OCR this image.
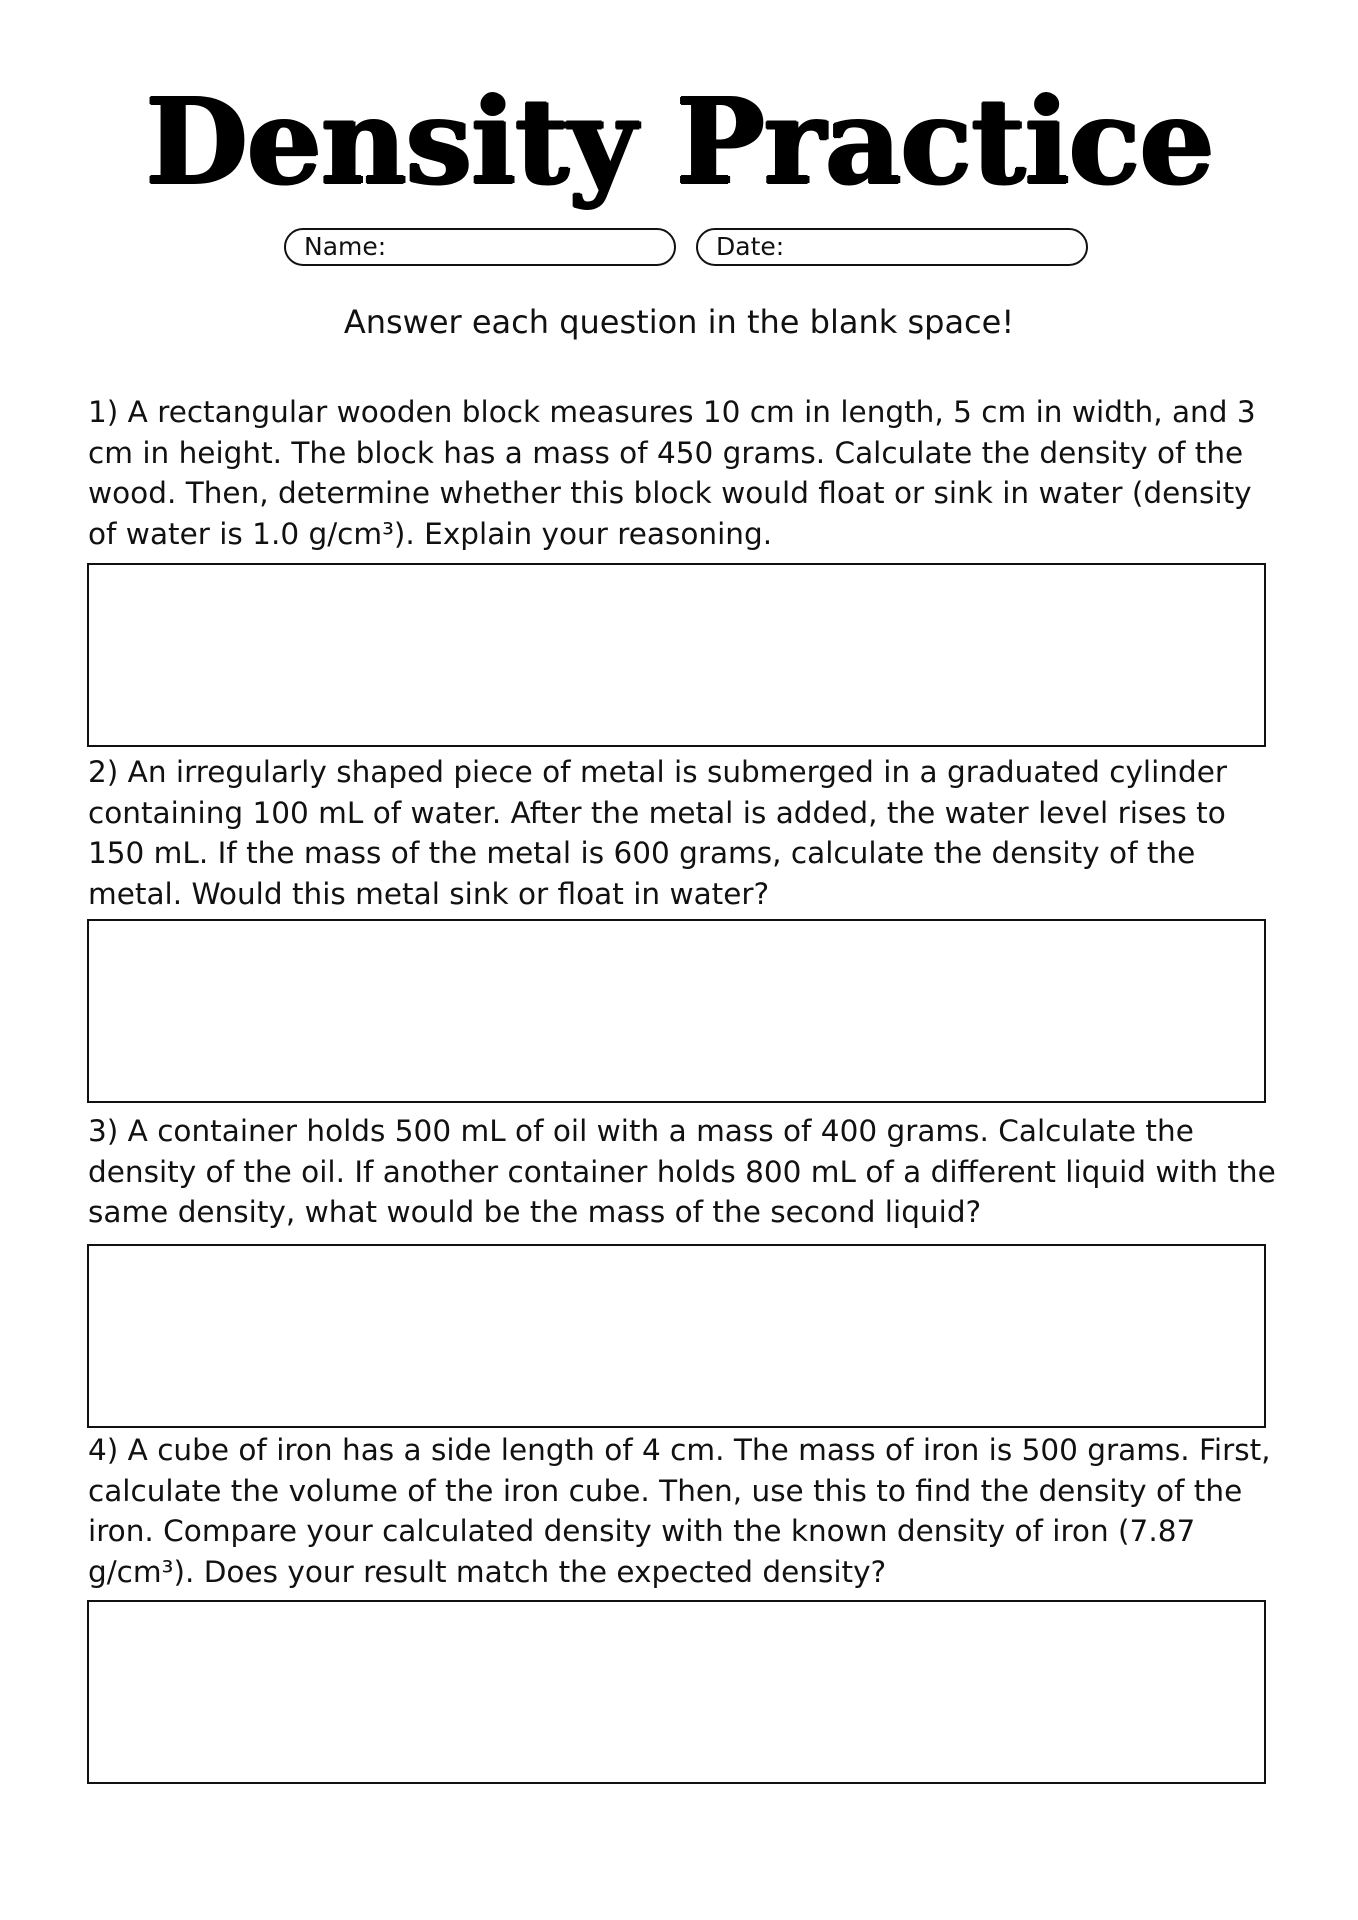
Density Practice
Name:	Date:
Answer each question in the blank space!
1) A rectangular wooden block measures 10 cm in length, 5 cm in width, and 3 cm in height. The block has a mass of 450 grams. Calculate the density of the wood. Then, determine whether this block would float or sink in water (density of water is 1.0 g/cm³). Explain your reasoning.
2) An irregularly shaped piece of metal is submerged in a graduated cylinder containing 100 mL of water. After the metal is added, the water level rises to 150 mL. If the mass of the metal is 600 grams, calculate the density of the metal. Would this metal sink or float in water?
3) A container holds 500 mL of oil with a mass of 400 grams. Calculate the density of the oil. If another container holds 800 mL of a different liquid with the same density, what would be the mass of the second liquid?
4) A cube of iron has a side length of 4 cm. The mass of iron is 500 grams. First, calculate the volume of the iron cube. Then, use this to find the density of the iron. Compare your calculated density with the known density of iron (7.87 g/cm³). Does your result match the expected density?
